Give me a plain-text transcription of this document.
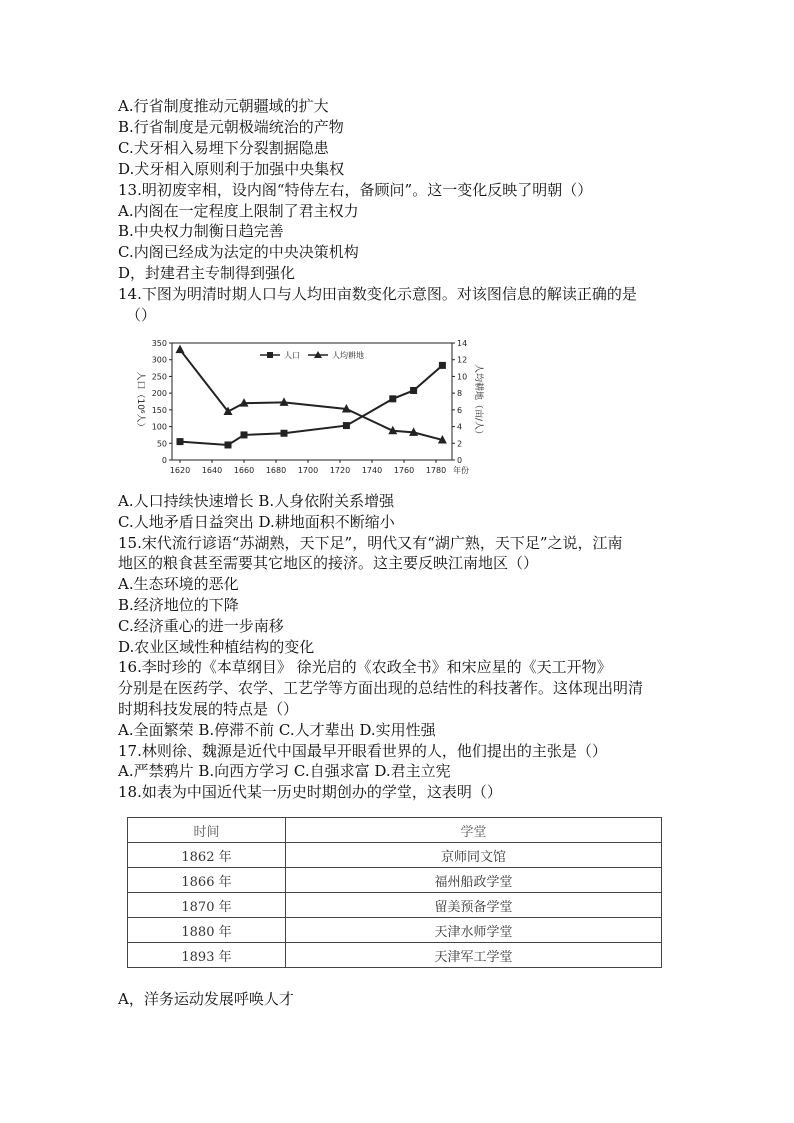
A.行省制度推动元朝疆域的扩大
B.行省制度是元朝极端统治的产物
C.犬牙相入易埋下分裂割据隐患
D.犬牙相入原则利于加强中央集权
13.明初废宰相，设内阁“特侍左右，备顾问”。这一变化反映了明朝（）
A.内阁在一定程度上限制了君主权力
B.中央权力制衡日趋完善
C.内阁已经成为法定的中央决策机构
D，封建君主专制得到强化
14.下图为明清时期人口与人均田亩数变化示意图。对该图信息的解读正确的是
（）
0
50
100
150
200
250
300
350
0
2
4
6
8
10
12
14
1620 1640 1660 1680 1700 1720 1740 1760 1780 年份
人口（10⁶人）	人均耕地（亩/人）
人口	人均耕地
A.人口持续快速增长 B.人身依附关系增强
C.人地矛盾日益突出 D.耕地面积不断缩小
15.宋代流行谚语“苏湖熟，天下足”，明代又有“湖广熟，天下足”之说，江南
地区的粮食甚至需要其它地区的接济。这主要反映江南地区（）
A.生态环境的恶化
B.经济地位的下降
C.经济重心的进一步南移
D.农业区域性种植结构的变化
16.李时珍的《本草纲目》 徐光启的《农政全书》和宋应星的《天工开物》
分别是在医药学、农学、工艺学等方面出现的总结性的科技著作。这体现出明清
时期科技发展的特点是（）
A.全面繁荣 B.停滞不前 C.人才辈出 D.实用性强
17.林则徐、魏源是近代中国最早开眼看世界的人，他们提出的主张是（）
A.严禁鸦片 B.向西方学习 C.自强求富 D.君主立宪
18.如表为中国近代某一历史时期创办的学堂，这表明（）
时间	学堂
1862 年	京师同文馆
1866 年	福州船政学堂
1870 年	留美预备学堂
1880 年	天津水师学堂
1893 年	天津军工学堂
A，洋务运动发展呼唤人才
